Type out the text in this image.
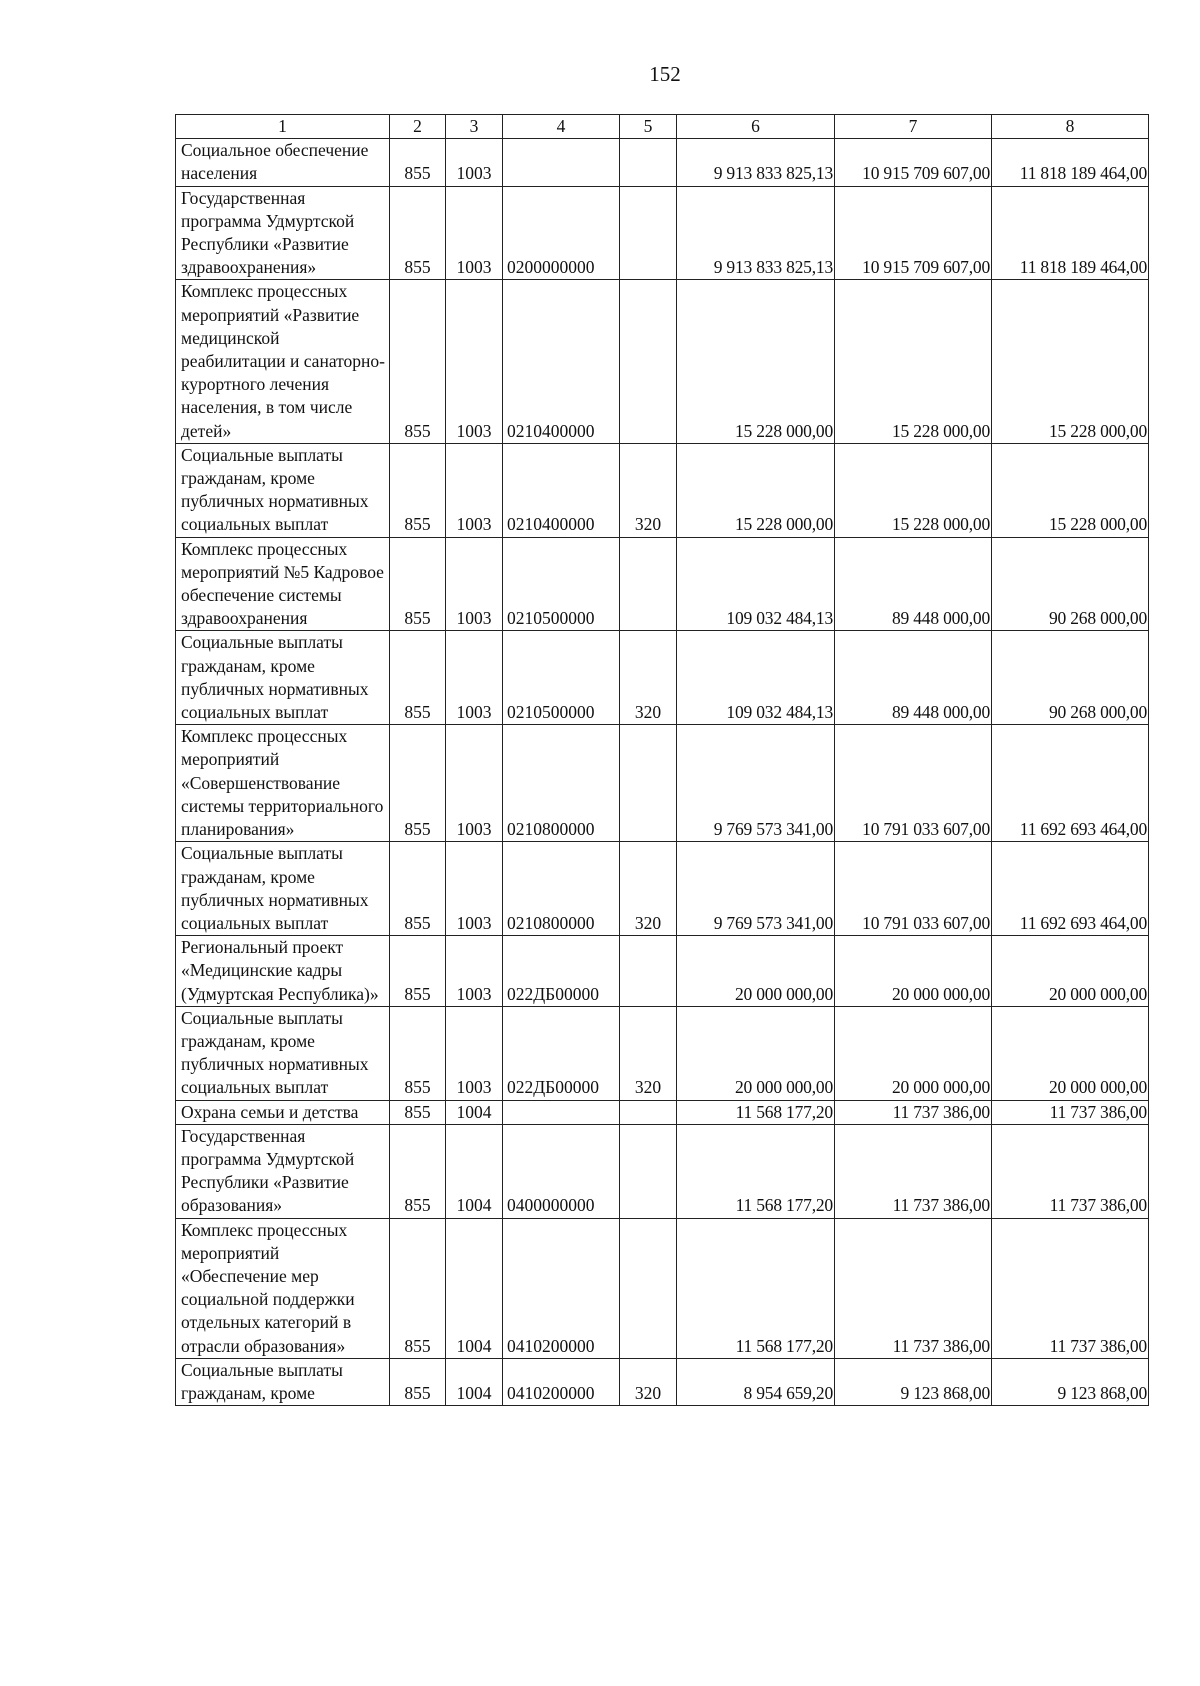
152
1	2	3	4	5	6	7	8
Социальное обеспечение населения	855	1003			9 913 833 825,13	10 915 709 607,00	11 818 189 464,00
Государственная программа Удмуртской Республики «Развитие здравоохранения»	855	1003	0200000000		9 913 833 825,13	10 915 709 607,00	11 818 189 464,00
Комплекс процессных мероприятий «Развитие медицинской реабилитации и санаторно-курортного лечения населения, в том числе детей»	855	1003	0210400000		15 228 000,00	15 228 000,00	15 228 000,00
Социальные выплаты гражданам, кроме публичных нормативных социальных выплат	855	1003	0210400000	320	15 228 000,00	15 228 000,00	15 228 000,00
Комплекс процессных мероприятий №5 Кадровое обеспечение системы здравоохранения	855	1003	0210500000		109 032 484,13	89 448 000,00	90 268 000,00
Социальные выплаты гражданам, кроме публичных нормативных социальных выплат	855	1003	0210500000	320	109 032 484,13	89 448 000,00	90 268 000,00
Комплекс процессных мероприятий «Совершенствование системы территориального планирования»	855	1003	0210800000		9 769 573 341,00	10 791 033 607,00	11 692 693 464,00
Социальные выплаты гражданам, кроме публичных нормативных социальных выплат	855	1003	0210800000	320	9 769 573 341,00	10 791 033 607,00	11 692 693 464,00
Региональный проект «Медицинские кадры (Удмуртская Республика)»	855	1003	022ДБ00000		20 000 000,00	20 000 000,00	20 000 000,00
Социальные выплаты гражданам, кроме публичных нормативных социальных выплат	855	1003	022ДБ00000	320	20 000 000,00	20 000 000,00	20 000 000,00
Охрана семьи и детства	855	1004			11 568 177,20	11 737 386,00	11 737 386,00
Государственная программа Удмуртской Республики «Развитие образования»	855	1004	0400000000		11 568 177,20	11 737 386,00	11 737 386,00
Комплекс процессных мероприятий «Обеспечение мер социальной поддержки отдельных категорий в отрасли образования»	855	1004	0410200000		11 568 177,20	11 737 386,00	11 737 386,00
Социальные выплаты гражданам, кроме	855	1004	0410200000	320	8 954 659,20	9 123 868,00	9 123 868,00
